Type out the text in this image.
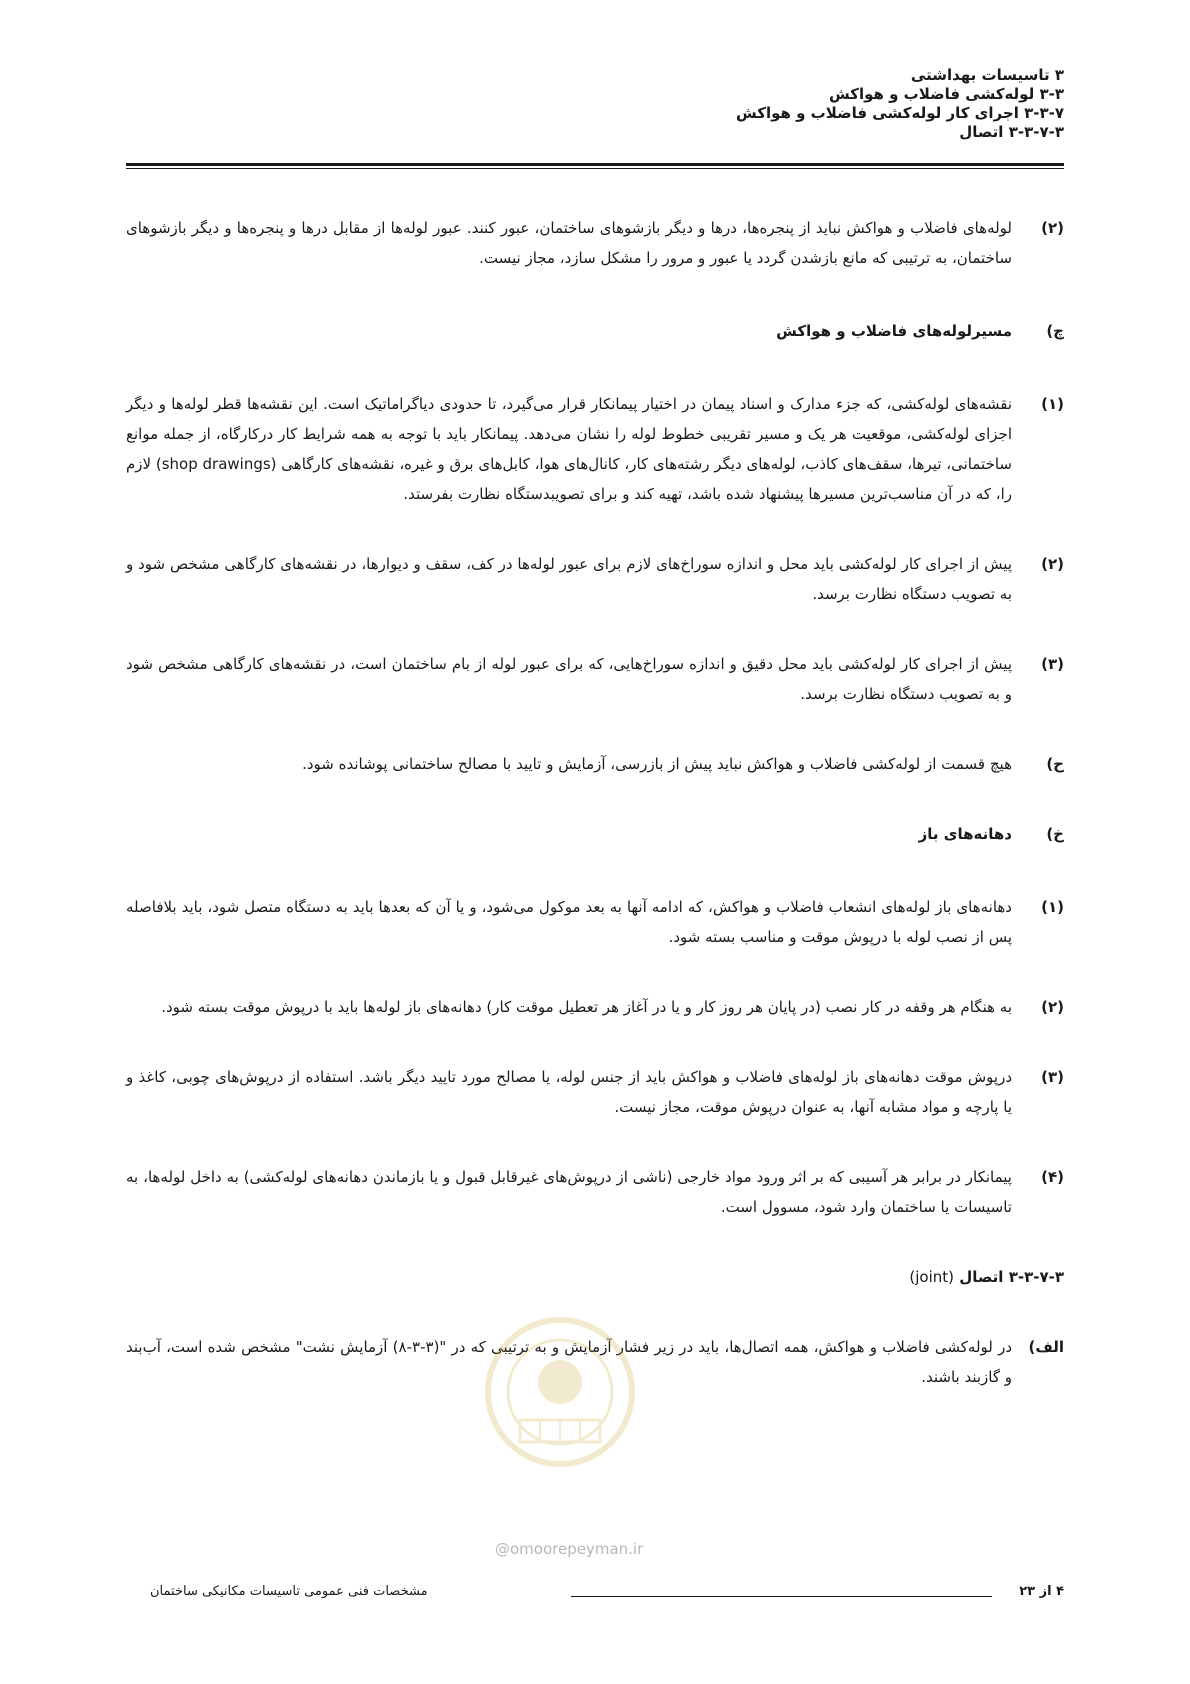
۳ تاسیسات بهداشتی
۳-۳ لوله‌کشی فاضلاب و هواکش
۳-۳-۷ اجرای کار لوله‌کشی فاضلاب و هواکش
۳-۳-۷-۳ اتصال
(۲)
لوله‌های فاضلاب و هواکش نباید از پنجره‌ها، درها و دیگر بازشوهای ساختمان، عبور کنند. عبور لوله‌ها از مقابل درها و پنجره‌ها و دیگر بازشوهای ساختمان، به ترتیبی که مانع بازشدن گردد یا عبور و مرور را مشکل سازد، مجاز نیست.
چ)
مسیرلوله‌های فاضلاب و هواکش
(۱)
نقشه‌های لوله‌کشی، که جزء مدارک و اسناد پیمان در اختیار پیمانکار قرار می‌گیرد، تا حدودی دیاگراماتیک است. این نقشه‌ها قطر لوله‌ها و دیگر اجزای لوله‌کشی، موقعیت هر یک و مسیر تقریبی خطوط لوله را نشان می‌دهد. پیمانکار باید با توجه به همه شرایط کار درکارگاه، از جمله موانع ساختمانی، تیرها، سقف‌های کاذب، لوله‌های دیگر رشته‌های کار، کانال‌های هوا، کابل‌های برق و غیره، نقشه‌های کارگاهی (shop drawings) لازم را، که در آن مناسب‌ترین مسیرها پیشنهاد شده باشد، تهیه کند و برای تصویبدستگاه نظارت بفرستد.
(۲)
پیش از اجرای کار لوله‌کشی باید محل و اندازه سوراخ‌های لازم برای عبور لوله‌ها در کف، سقف و دیوارها، در نقشه‌های کارگاهی مشخص شود و به تصویب دستگاه نظارت برسد.
(۳)
پیش از اجرای کار لوله‌کشی باید محل دقیق و اندازه سوراخ‌هایی، که برای عبور لوله از بام ساختمان است، در نقشه‌های کارگاهی مشخص شود و به تصویب دستگاه نظارت برسد.
ح)
هیچ قسمت از لوله‌کشی فاضلاب و هواکش نباید پیش از بازرسی، آزمایش و تایید با مصالح ساختمانی پوشانده شود.
خ)
دهانه‌های باز
(۱)
دهانه‌های باز لوله‌های انشعاب فاضلاب و هواکش، که ادامه آنها به بعد موکول می‌شود، و یا آن که بعدها باید به دستگاه متصل شود، باید بلافاصله پس از نصب لوله با درپوش موقت و مناسب بسته شود.
(۲)
به هنگام هر وقفه در کار نصب (در پایان هر روز کار و یا در آغاز هر تعطیل موقت کار) دهانه‌های باز لوله‌ها باید با درپوش موقت بسته شود.
(۳)
درپوش موقت دهانه‌های باز لوله‌های فاضلاب و هواکش باید از جنس لوله، یا مصالح مورد تایید دیگر باشد. استفاده از درپوش‌های چوبی، کاغذ و یا پارچه و مواد مشابه آنها، به عنوان درپوش موقت، مجاز نیست.
(۴)
پیمانکار در برابر هر آسیبی که بر اثر ورود مواد خارجی (ناشی از درپوش‌های غیرقابل قبول و یا بازماندن دهانه‌های لوله‌کشی) به داخل لوله‌ها، به تاسیسات یا ساختمان وارد شود، مسوول است.
۳-۳-۷-۳ اتصال (joint)
الف)
در لوله‌کشی فاضلاب و هواکش، همه اتصال‌ها، باید در زیر فشار آزمایش و به ترتیبی که در "(۳-۳-۸) آزمایش نشت" مشخص شده است، آب‌بند و گازبند باشند.
@omoorepeyman.ir
۴ از ۲۳
مشخصات فنی عمومی تاسیسات مکانیکی ساختمان
